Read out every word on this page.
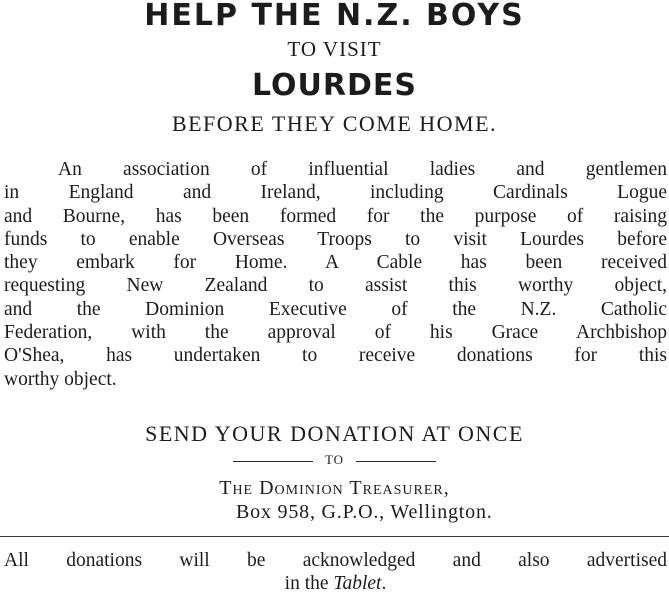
HELP THE N.Z. BOYS
TO VISIT
LOURDES
BEFORE THEY COME HOME.
An association of influential ladies and gentlemen
in England and Ireland, including Cardinals Logue
and Bourne, has been formed for the purpose of raising
funds to enable Overseas Troops to visit Lourdes before
they embark for Home. A Cable has been received
requesting New Zealand to assist this worthy object,
and the Dominion Executive of the N.Z. Catholic
Federation, with the approval of his Grace Archbishop
O'Shea, has undertaken to receive donations for this
worthy object.
SEND YOUR DONATION AT ONCE
TO
The Dominion Treasurer,
Box 958, G.P.O., Wellington.
All donations will be acknowledged and also advertised
in the Tablet.
